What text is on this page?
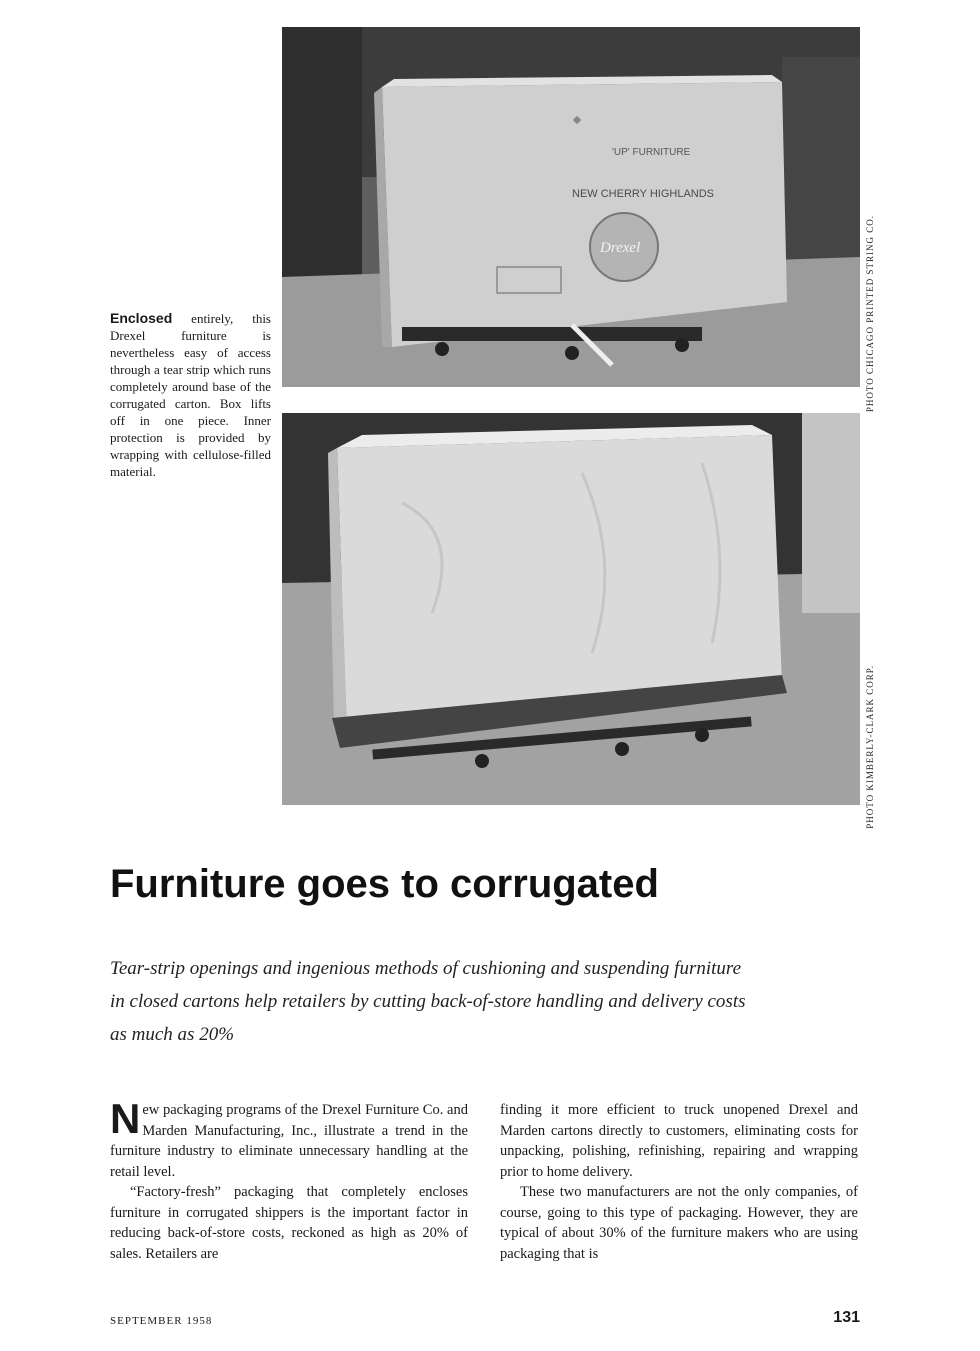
'UP' FURNITURE
NEW CHERRY HIGHLANDS
Drexel	PHOTO CHICAGO PRINTED STRING CO.
Enclosed entirely, this Drexel furniture is nevertheless easy of access through a tear strip which runs completely around base of the corrugated carton. Box lifts off in one piece. Inner protection is provided by wrapping with cellulose-filled material.
PHOTO KIMBERLY-CLARK CORP.
Furniture goes to corrugated
Tear-strip openings and ingenious methods of cushioning and suspending furniture in closed cartons help retailers by cutting back-of-store handling and delivery costs as much as 20%

New packaging programs of the Drexel Furniture Co. and Marden Manufacturing, Inc., illustrate a trend in the furniture industry to eliminate unnecessary handling at the retail level.

“Factory-fresh” packaging that completely encloses furniture in corrugated shippers is the important factor in reducing back-of-store costs, reckoned as high as 20% of sales. Retailers are

finding it more efficient to truck unopened Drexel and Marden cartons directly to customers, eliminating costs for unpacking, polishing, refinishing, repairing and wrapping prior to home delivery.

These two manufacturers are not the only companies, of course, going to this type of packaging. However, they are typical of about 30% of the furniture makers who are using packaging that is

SEPTEMBER 1958	131
